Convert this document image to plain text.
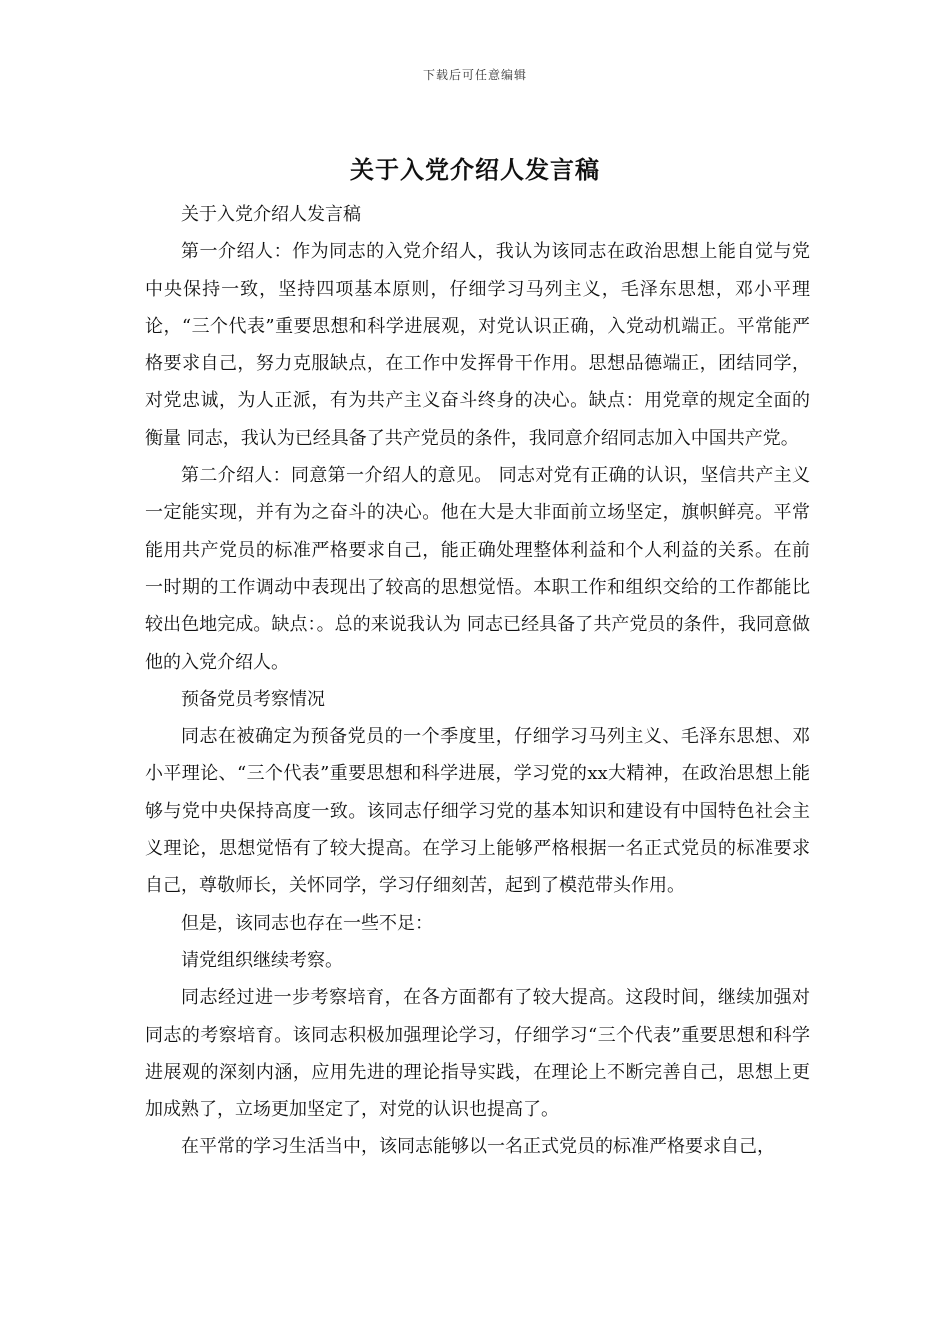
下载后可任意编辑
关于入党介绍人发言稿

关于入党介绍人发言稿

第一介绍人：作为同志的入党介绍人，我认为该同志在政治思想上能自觉与党中央保持一致，坚持四项基本原则，仔细学习马列主义，毛泽东思想，邓小平理论，“三个代表”重要思想和科学进展观，对党认识正确，入党动机端正。平常能严格要求自己，努力克服缺点，在工作中发挥骨干作用。思想品德端正，团结同学，对党忠诚，为人正派，有为共产主义奋斗终身的决心。缺点：用党章的规定全面的衡量 同志，我认为已经具备了共产党员的条件，我同意介绍同志加入中国共产党。

第二介绍人：同意第一介绍人的意见。 同志对党有正确的认识，坚信共产主义一定能实现，并有为之奋斗的决心。他在大是大非面前立场坚定，旗帜鲜亮。平常能用共产党员的标准严格要求自己，能正确处理整体利益和个人利益的关系。在前一时期的工作调动中表现出了较高的思想觉悟。本职工作和组织交给的工作都能比较出色地完成。缺点：。总的来说我认为 同志已经具备了共产党员的条件，我同意做他的入党介绍人。

预备党员考察情况

同志在被确定为预备党员的一个季度里，仔细学习马列主义、毛泽东思想、邓小平理论、“三个代表”重要思想和科学进展，学习党的xx大精神，在政治思想上能够与党中央保持高度一致。该同志仔细学习党的基本知识和建设有中国特色社会主义理论，思想觉悟有了较大提高。在学习上能够严格根据一名正式党员的标准要求自己，尊敬师长，关怀同学，学习仔细刻苦，起到了模范带头作用。

但是，该同志也存在一些不足：

请党组织继续考察。

同志经过进一步考察培育，在各方面都有了较大提高。这段时间，继续加强对同志的考察培育。该同志积极加强理论学习，仔细学习“三个代表”重要思想和科学进展观的深刻内涵，应用先进的理论指导实践，在理论上不断完善自己，思想上更加成熟了，立场更加坚定了，对党的认识也提高了。

在平常的学习生活当中，该同志能够以一名正式党员的标准严格要求自己，
